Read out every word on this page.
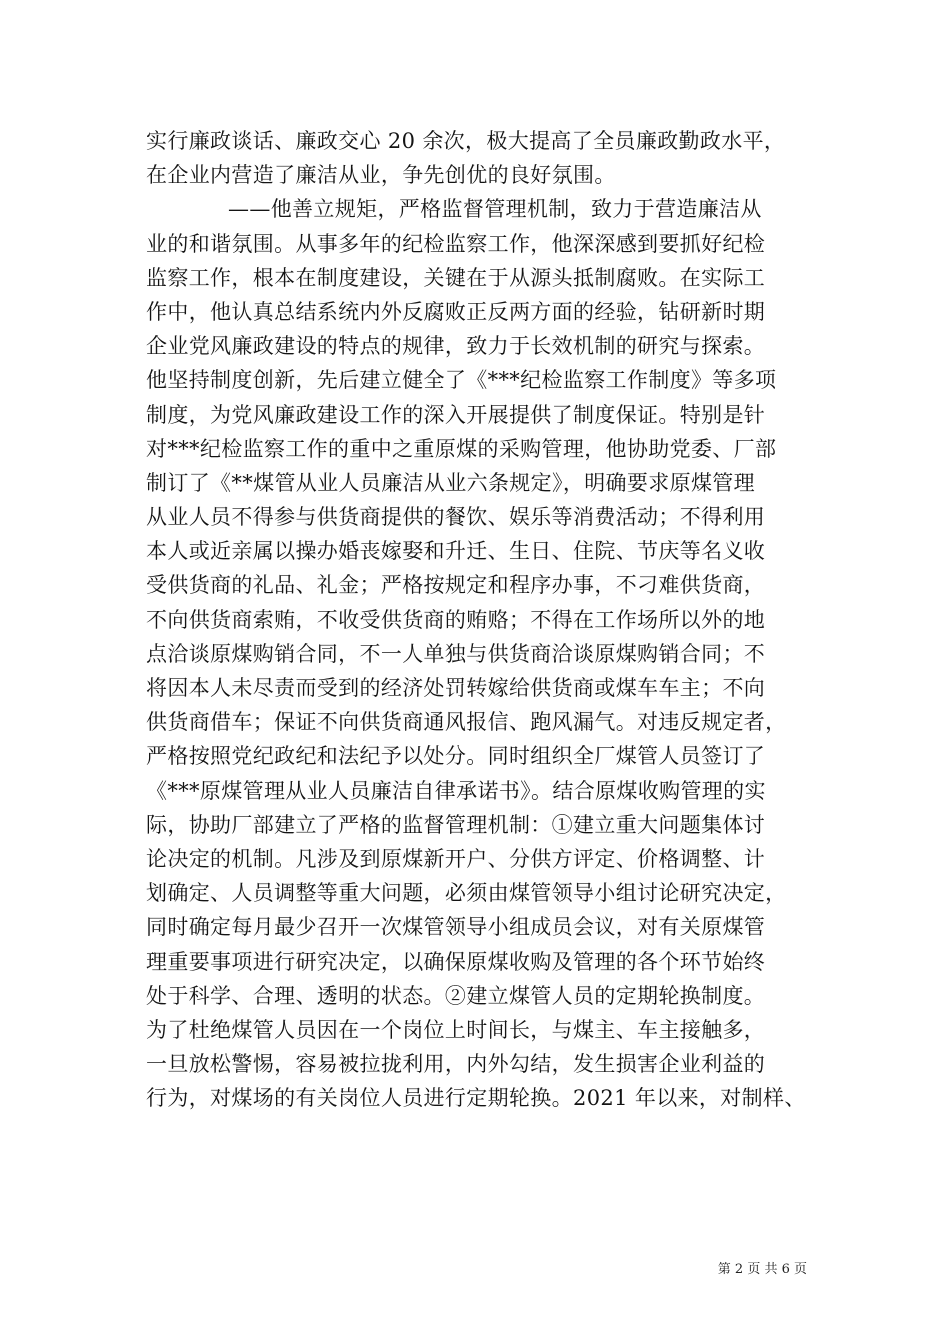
实行廉政谈话、廉政交心 20 余次，极大提高了全员廉政勤政水平，
在企业内营造了廉洁从业，争先创优的良好氛围。
——他善立规矩，严格监督管理机制，致力于营造廉洁从
业的和谐氛围。从事多年的纪检监察工作，他深深感到要抓好纪检
监察工作，根本在制度建设，关键在于从源头抵制腐败。在实际工
作中，他认真总结系统内外反腐败正反两方面的经验，钻研新时期
企业党风廉政建设的特点的规律，致力于长效机制的研究与探索。
他坚持制度创新，先后建立健全了《***纪检监察工作制度》等多项
制度，为党风廉政建设工作的深入开展提供了制度保证。特别是针
对***纪检监察工作的重中之重原煤的采购管理，他协助党委、厂部
制订了《**煤管从业人员廉洁从业六条规定》，明确要求原煤管理
从业人员不得参与供货商提供的餐饮、娱乐等消费活动；不得利用
本人或近亲属以操办婚丧嫁娶和升迁、生日、住院、节庆等名义收
受供货商的礼品、礼金；严格按规定和程序办事，不刁难供货商，
不向供货商索贿，不收受供货商的贿赂；不得在工作场所以外的地
点洽谈原煤购销合同，不一人单独与供货商洽谈原煤购销合同；不
将因本人未尽责而受到的经济处罚转嫁给供货商或煤车车主；不向
供货商借车；保证不向供货商通风报信、跑风漏气。对违反规定者，
严格按照党纪政纪和法纪予以处分。同时组织全厂煤管人员签订了
《***原煤管理从业人员廉洁自律承诺书》。结合原煤收购管理的实
际，协助厂部建立了严格的监督管理机制：①建立重大问题集体讨
论决定的机制。凡涉及到原煤新开户、分供方评定、价格调整、计
划确定、人员调整等重大问题，必须由煤管领导小组讨论研究决定，
同时确定每月最少召开一次煤管领导小组成员会议，对有关原煤管
理重要事项进行研究决定，以确保原煤收购及管理的各个环节始终
处于科学、合理、透明的状态。②建立煤管人员的定期轮换制度。
为了杜绝煤管人员因在一个岗位上时间长，与煤主、车主接触多，
一旦放松警惕，容易被拉拢利用，内外勾结，发生损害企业利益的
行为，对煤场的有关岗位人员进行定期轮换。2021 年以来，对制样、
第 2 页 共 6 页
